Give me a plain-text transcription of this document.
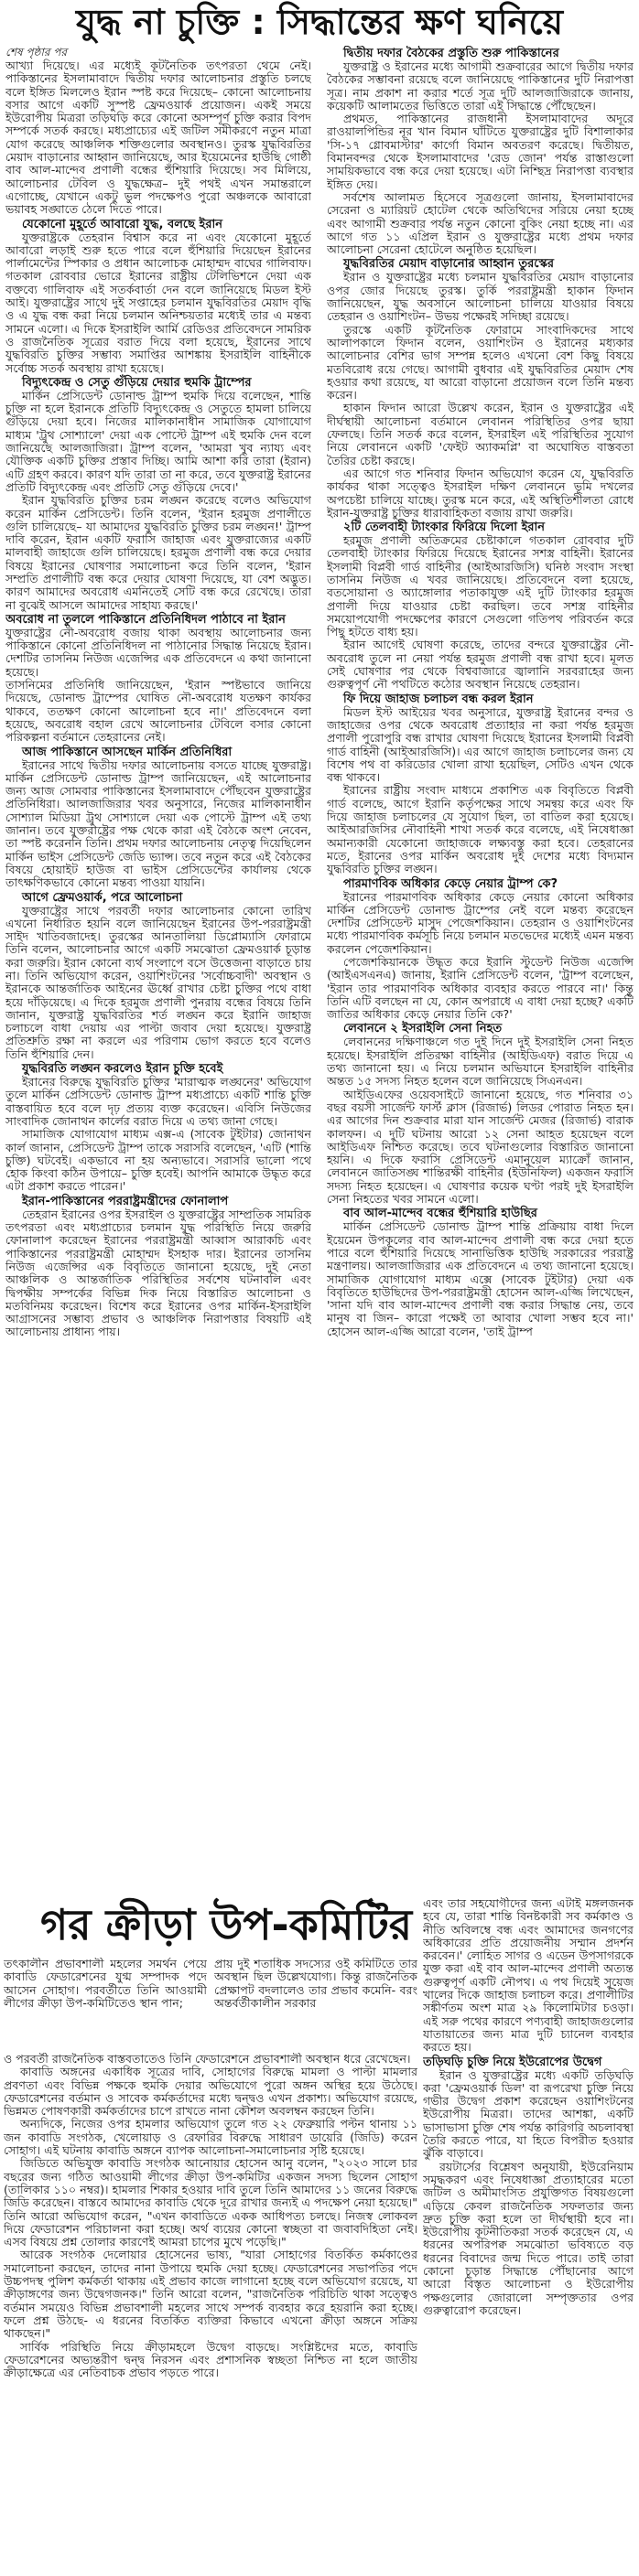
যুদ্ধ না চুক্তি : সিদ্ধান্তের ক্ষণ ঘনিয়ে

শেষ পৃষ্ঠার পর

আখ্যা দিয়েছে। এর মধ্যেই কূটনৈতিক তৎপরতা থেমে নেই। পাকিস্তানের ইসলামাবাদে দ্বিতীয় দফার আলোচনার প্রস্তুতি চলছে বলে ইঙ্গিত মিললেও ইরান স্পষ্ট করে দিয়েছে– কোনো আলোচনায় বসার আগে একটি সুস্পষ্ট ফ্রেমওয়ার্ক প্রয়োজন। একই সময়ে ইউরোপীয় মিত্ররা তড়িঘড়ি করে কোনো অসম্পূর্ণ চুক্তি করার বিপদ সম্পর্কে সতর্ক করছে। মধ্যপ্রাচ্যের এই জটিল সমীকরণে নতুন মাত্রা যোগ করেছে আঞ্চলিক শক্তিগুলোর অবস্থানও। তুরস্ক যুদ্ধবিরতির মেয়াদ বাড়ানোর আহ্বান জানিয়েছে, আর ইয়েমেনের হাউছি গোষ্ঠী বাব আল-মান্দেব প্রণালী বন্ধের হুঁশিয়ারি দিয়েছে। সব মিলিয়ে, আলোচনার টেবিল ও যুদ্ধক্ষেত্র– দুই পথই এখন সমান্তরালে এগোচ্ছে, যেখানে একটু ভুল পদক্ষেপও পুরো অঞ্চলকে আবারো ভয়াবহ সঙ্ঘাতে ঠেলে দিতে পারে।

যেকোনো মুহূর্তে আবারো যুদ্ধ, বলছে ইরান

যুক্তরাষ্ট্রকে তেহরান বিশ্বাস করে না এবং যেকোনো মুহূর্তে আবারো লড়াই শুরু হতে পারে বলে হুঁশিয়ারি দিয়েছেন ইরানের পার্লামেন্টের স্পিকার ও প্রধান আলোচক মোহাম্মদ বাঘের গালিবাফ। গতকাল রোববার ভোরে ইরানের রাষ্ট্রীয় টেলিভিশনে দেয়া এক বক্তব্যে গালিবাফ এই সতর্কবার্তা দেন বলে জানিয়েছে মিডল ইস্ট আই। যুক্তরাষ্ট্রের সাথে দুই সপ্তাহের চলমান যুদ্ধবিরতির মেয়াদ বৃদ্ধি ও এ যুদ্ধ বন্ধ করা নিয়ে চলমান অনিশ্চয়তার মধ্যেই তার এ মন্তব্য সামনে এলো। এ দিকে ইসরাইলি আর্মি রেডিওর প্রতিবেদনে সামরিক ও রাজনৈতিক সূত্রের বরাত দিয়ে বলা হয়েছে, ইরানের সাথে যুদ্ধবিরতি চুক্তির সম্ভাব্য সমাপ্তির আশঙ্কায় ইসরাইলি বাহিনীকে সর্বোচ্চ সতর্ক অবস্থায় রাখা হয়েছে।

বিদ্যুৎকেন্দ্র ও সেতু গুঁড়িয়ে দেয়ার হুমকি ট্রাম্পের

মার্কিন প্রেসিডেন্ট ডোনাল্ড ট্রাম্প হুমকি দিয়ে বলেছেন, শান্তি চুক্তি না হলে ইরানকে প্রতিটি বিদ্যুৎকেন্দ্র ও সেতুতে হামলা চালিয়ে গুঁড়িয়ে দেয়া হবে। নিজের মালিকানাধীন সামাজিক যোগাযোগ মাধ্যম 'ট্রুথ সোশ্যালে' দেয়া এক পোস্টে ট্রাম্প এই হুমকি দেন বলে জানিয়েছে আলজাজিরা। ট্রাম্প বলেন, 'আমরা খুব ন্যায্য এবং যৌক্তিক একটি চুক্তির প্রস্তাব দিচ্ছি। আমি আশা করি তারা (ইরান) এটি গ্রহণ করবে। কারণ যদি তারা তা না করে, তবে যুক্তরাষ্ট্র ইরানের প্রতিটি বিদ্যুৎকেন্দ্র এবং প্রতিটি সেতু গুঁড়িয়ে দেবে।'

ইরান যুদ্ধবিরতি চুক্তির চরম লঙ্ঘন করেছে বলেও অভিযোগ করেন মার্কিন প্রেসিডেন্ট। তিনি বলেন, 'ইরান হরমুজ প্রণালীতে গুলি চালিয়েছে– যা আমাদের যুদ্ধবিরতি চুক্তির চরম লঙ্ঘন!' ট্রাম্প দাবি করেন, ইরান একটি ফরাসি জাহাজ এবং যুক্তরাজ্যের একটি মালবাহী জাহাজে গুলি চালিয়েছে। হরমুজ প্রণালী বন্ধ করে দেয়ার বিষয়ে ইরানের ঘোষণার সমালোচনা করে তিনি বলেন, 'ইরান সম্প্রতি প্রণালীটি বন্ধ করে দেয়ার ঘোষণা দিয়েছে, যা বেশ অদ্ভুত। কারণ আমাদের অবরোধ এমনিতেই সেটি বন্ধ করে রেখেছে। তারা না বুঝেই আসলে আমাদের সাহায্য করছে।'

অবরোধ না তুললে পাকিস্তানে প্রতিনিধিদল পাঠাবে না ইরান

যুক্তরাষ্ট্রের নৌ-অবরোধ বজায় থাকা অবস্থায় আলোচনার জন্য পাকিস্তানে কোনো প্রতিনিধিদল না পাঠানোর সিদ্ধান্ত নিয়েছে ইরান। দেশটির তাসনিম নিউজ এজেন্সির এক প্রতিবেদনে এ কথা জানানো হয়েছে।

তাসনিমের প্রতিনিধি জানিয়েছেন, 'ইরান স্পষ্টভাবে জানিয়ে দিয়েছে, ডোনাল্ড ট্রাম্পের ঘোষিত নৌ-অবরোধ যতক্ষণ কার্যকর থাকবে, ততক্ষণ কোনো আলোচনা হবে না।' প্রতিবেদনে বলা হয়েছে, অবরোধ বহাল রেখে আলোচনার টেবিলে বসার কোনো পরিকল্পনা বর্তমানে তেহরানের নেই।

আজ পাকিস্তানে আসছেন মার্কিন প্রতিনিধিরা

ইরানের সাথে দ্বিতীয় দফার আলোচনায় বসতে যাচ্ছে যুক্তরাষ্ট্র। মার্কিন প্রেসিডেন্ট ডোনাল্ড ট্রাম্প জানিয়েছেন, এই আলোচনার জন্য আজ সোমবার পাকিস্তানের ইসলামাবাদে পৌঁছবেন যুক্তরাষ্ট্রের প্রতিনিধিরা। আলজাজিরার খবর অনুসারে, নিজের মালিকানাধীন সোশ্যাল মিডিয়া ট্রুথ সোশ্যালে দেয়া এক পোস্টে ট্রাম্প এই তথ্য জানান। তবে যুক্তরাষ্ট্রের পক্ষ থেকে কারা এই বৈঠকে অংশ নেবেন, তা স্পষ্ট করেননি তিনি। প্রথম দফার আলোচনায় নেতৃত্ব দিয়েছিলেন মার্কিন ভাইস প্রেসিডেন্ট জেডি ভ্যান্স। তবে নতুন করে এই বৈঠকের বিষয়ে হোয়াইট হাউজ বা ভাইস প্রেসিডেন্টের কার্যালয় থেকে তাৎক্ষণিকভাবে কোনো মন্তব্য পাওয়া যায়নি।

আগে ফ্রেমওয়ার্ক, পরে আলোচনা

যুক্তরাষ্ট্রের সাথে পরবর্তী দফার আলোচনার কোনো তারিখ এখনো নির্ধারিত হয়নি বলে জানিয়েছেন ইরানের উপ-পররাষ্ট্রমন্ত্রী সাইদ খাতিবজাদেহ। তুরস্কের আনতালিয়া ডিপ্লোম্যাসি ফোরামে তিনি বলেন, আলোচনার আগে একটি সমঝোতা ফ্রেমওয়ার্ক চূড়ান্ত করা জরুরি। ইরান কোনো ব্যর্থ সংলাপে বসে উত্তেজনা বাড়াতে চায় না। তিনি অভিযোগ করেন, ওয়াশিংটনের 'সর্বোচ্চবাদী' অবস্থান ও ইরানকে আন্তর্জাতিক আইনের ঊর্ধ্বে রাখার চেষ্টা চুক্তির পথে বাধা হয়ে দাঁড়িয়েছে। এ দিকে হরমুজ প্রণালী পুনরায় বন্ধের বিষয়ে তিনি জানান, যুক্তরাষ্ট্র যুদ্ধবিরতির শর্ত লঙ্ঘন করে ইরানি জাহাজ চলাচলে বাধা দেয়ায় এর পাল্টা জবাব দেয়া হয়েছে। যুক্তরাষ্ট্র প্রতিশ্রুতি রক্ষা না করলে এর পরিণাম ভোগ করতে হবে বলেও তিনি হুঁশিয়ারি দেন।

যুদ্ধবিরতি লঙ্ঘন করলেও ইরান চুক্তি হবেই

ইরানের বিরুদ্ধে যুদ্ধবিরতি চুক্তির 'মারাত্মক লঙ্ঘনের' অভিযোগ তুলে মার্কিন প্রেসিডেন্ট ডোনাল্ড ট্রাম্প মধ্যপ্রাচ্যে একটি শান্তি চুক্তি বাস্তবায়িত হবে বলে দৃঢ় প্রত্যয় ব্যক্ত করেছেন। এবিসি নিউজের সাংবাদিক জোনাথন কার্লের বরাত দিয়ে এ তথ্য জানা গেছে।

সামাজিক যোগাযোগ মাধ্যম এক্স-এ (সাবেক টুইটার) জোনাথন কার্ল জানান, প্রেসিডেন্ট ট্রাম্প তাকে সরাসরি বলেছেন, 'এটি (শান্তি চুক্তি) ঘটবেই। একভাবে না হয় অন্যভাবে। সরাসরি ভালো পথে হোক কিংবা কঠিন উপায়ে– চুক্তি হবেই। আপনি আমাকে উদ্ধৃত করে এটা প্রকাশ করতে পারেন।'

ইরান-পাকিস্তানের পররাষ্ট্রমন্ত্রীদের ফোনালাপ

তেহরান ইরানের ওপর ইসরাইল ও যুক্তরাষ্ট্রের সাম্প্রতিক সামরিক তৎপরতা এবং মধ্যপ্রাচ্যের চলমান যুদ্ধ পরিস্থিতি নিয়ে জরুরি ফোনালাপ করেছেন ইরানের পররাষ্ট্রমন্ত্রী আব্বাস আরাকচি এবং পাকিস্তানের পররাষ্ট্রমন্ত্রী মোহাম্মদ ইসহাক দার। ইরানের তাসনিম নিউজ এজেন্সির এক বিবৃতিতে জানানো হয়েছে, দুই নেতা আঞ্চলিক ও আন্তর্জাতিক পরিস্থিতির সর্বশেষ ঘটনাবলি এবং দ্বিপক্ষীয় সম্পর্কের বিভিন্ন দিক নিয়ে বিস্তারিত আলোচনা ও মতবিনিময় করেছেন। বিশেষ করে ইরানের ওপর মার্কিন-ইসরাইলি আগ্রাসনের সম্ভাব্য প্রভাব ও আঞ্চলিক নিরাপত্তার বিষয়টি এই আলোচনায় প্রাধান্য পায়।

দ্বিতীয় দফার বৈঠকের প্রস্তুতি শুরু পাকিস্তানের

যুক্তরাষ্ট্র ও ইরানের মধ্যে আগামী শুক্রবারের আগে দ্বিতীয় দফার বৈঠকের সম্ভাবনা রয়েছে বলে জানিয়েছে পাকিস্তানের দুটি নিরাপত্তা সূত্র। নাম প্রকাশ না করার শর্তে সূত্র দুটি আলজাজিরাকে জানায়, কয়েকটি আলামতের ভিত্তিতে তারা এই সিদ্ধান্তে পৌঁছেছেন।

প্রথমত, পাকিস্তানের রাজধানী ইসলামাবাদের অদূরে রাওয়ালপিন্ডির নূর খান বিমান ঘাঁটিতে যুক্তরাষ্ট্রের দুটি বিশালাকার 'সি-১৭ গ্লোবমাস্টার' কার্গো বিমান অবতরণ করেছে। দ্বিতীয়ত, বিমানবন্দর থেকে ইসলামাবাদের 'রেড জোন' পর্যন্ত রাস্তাগুলো সাময়িকভাবে বন্ধ করে দেয়া হয়েছে। এটা নিশ্ছিদ্র নিরাপত্তা ব্যবস্থার ইঙ্গিত দেয়।

সর্বশেষ আলামত হিসেবে সূত্রগুলো জানায়, ইসলামাবাদের সেরেনা ও ম্যারিয়ট হোটেল থেকে অতিথিদের সরিয়ে নেয়া হচ্ছে এবং আগামী শুক্রবার পর্যন্ত নতুন কোনো বুকিং নেয়া হচ্ছে না। এর আগে গত ১১ এপ্রিল ইরান ও যুক্তরাষ্ট্রের মধ্যে প্রথম দফার আলোচনা সেরেনা হোটেলে অনুষ্ঠিত হয়েছিল।

যুদ্ধবিরতির মেয়াদ বাড়ানোর আহ্বান তুরস্কের

ইরান ও যুক্তরাষ্ট্রের মধ্যে চলমান যুদ্ধবিরতির মেয়াদ বাড়ানোর ওপর জোর দিয়েছে তুরস্ক। তুর্কি পররাষ্ট্রমন্ত্রী হাকান ফিদান জানিয়েছেন, যুদ্ধ অবসানে আলোচনা চালিয়ে যাওয়ার বিষয়ে তেহরান ও ওয়াশিংটন– উভয় পক্ষেরই সদিচ্ছা রয়েছে।

তুরস্কে একটি কূটনৈতিক ফোরামে সাংবাদিকদের সাথে আলাপকালে ফিদান বলেন, ওয়াশিংটন ও ইরানের মধ্যকার আলোচনার বেশির ভাগ সম্পন্ন হলেও এখনো বেশ কিছু বিষয়ে মতবিরোধ রয়ে গেছে। আগামী বুধবার এই যুদ্ধবিরতির মেয়াদ শেষ হওয়ার কথা রয়েছে, যা আরো বাড়ানো প্রয়োজন বলে তিনি মন্তব্য করেন।

হাকান ফিদান আরো উল্লেখ করেন, ইরান ও যুক্তরাষ্ট্রের এই দীর্ঘস্থায়ী আলোচনা বর্তমানে লেবানন পরিস্থিতির ওপর ছায়া ফেলছে। তিনি সতর্ক করে বলেন, ইসরাইল এই পরিস্থিতির সুযোগ নিয়ে লেবাননে একটি 'ফেইট অ্যাকমপ্লি' বা অঘোষিত বাস্তবতা তৈরির চেষ্টা করছে।

এর আগে গত শনিবার ফিদান অভিযোগ করেন যে, যুদ্ধবিরতি কার্যকর থাকা সত্ত্বেও ইসরাইল দক্ষিণ লেবাননে ভূমি দখলের অপচেষ্টা চালিয়ে যাচ্ছে। তুরস্ক মনে করে, এই অস্থিতিশীলতা রোধে ইরান-যুক্তরাষ্ট্র চুক্তির ধারাবাহিকতা বজায় রাখা জরুরি।

২টি তেলবাহী ট্যাংকার ফিরিয়ে দিলো ইরান

হরমুজ প্রণালী অতিক্রমের চেষ্টাকালে গতকাল রোববার দুটি তেলবাহী ট্যাংকার ফিরিয়ে দিয়েছে ইরানের সশস্ত্র বাহিনী। ইরানের ইসলামী বিপ্লবী গার্ড বাহিনীর (আইআরজিসি) ঘনিষ্ঠ সংবাদ সংস্থা তাসনিম নিউজ এ খবর জানিয়েছে। প্রতিবেদনে বলা হয়েছে, বতসোয়ানা ও অ্যাঙ্গোলার পতাকাযুক্ত এই দুটি ট্যাংকার হরমুজ প্রণালী দিয়ে যাওয়ার চেষ্টা করছিল। তবে সশস্ত্র বাহিনীর সময়োপযোগী পদক্ষেপের কারণে সেগুলো গতিপথ পরিবর্তন করে পিছু হটতে বাধ্য হয়।

ইরান আগেই ঘোষণা করেছে, তাদের বন্দরে যুক্তরাষ্ট্রের নৌ-অবরোধ তুলে না নেয়া পর্যন্ত হরমুজ প্রণালী বন্ধ রাখা হবে। মূলত সেই ঘোষণার পর থেকে বিশ্ববাজারে জ্বালানি সরবরাহের জন্য গুরুত্বপূর্ণ নৌ পথটিতে কঠোর অবস্থান নিয়েছে তেহরান।

ফি দিয়ে জাহাজ চলাচল বন্ধ করল ইরান

মিডল ইস্ট আইয়ের খবর অনুসারে, যুক্তরাষ্ট্র ইরানের বন্দর ও জাহাজের ওপর থেকে অবরোধ প্রত্যাহার না করা পর্যন্ত হরমুজ প্রণালী পুরোপুরি বন্ধ রাখার ঘোষণা দিয়েছে ইরানের ইসলামী বিপ্লবী গার্ড বাহিনী (আইআরজিসি)। এর আগে জাহাজ চলাচলের জন্য যে বিশেষ পথ বা করিডোর খোলা রাখা হয়েছিল, সেটিও এখন থেকে বন্ধ থাকবে।

ইরানের রাষ্ট্রীয় সংবাদ মাধ্যমে প্রকাশিত এক বিবৃতিতে বিপ্লবী গার্ড বলেছে, আগে ইরানি কর্তৃপক্ষের সাথে সমন্বয় করে এবং ফি দিয়ে জাহাজ চলাচলের যে সুযোগ ছিল, তা বাতিল করা হয়েছে। আইআরজিসির নৌবাহিনী শাখা সতর্ক করে বলেছে, এই নিষেধাজ্ঞা অমান্যকারী যেকোনো জাহাজকে লক্ষ্যবস্তু করা হবে। তেহরানের মতে, ইরানের ওপর মার্কিন অবরোধ দুই দেশের মধ্যে বিদ্যমান যুদ্ধবিরতি চুক্তির লঙ্ঘন।

পারমাণবিক অধিকার কেড়ে নেয়ার ট্রাম্প কে?

ইরানের পারমাণবিক অধিকার কেড়ে নেয়ার কোনো অধিকার মার্কিন প্রেসিডেন্ট ডোনাল্ড ট্রাম্পের নেই বলে মন্তব্য করেছেন দেশটির প্রেসিডেন্ট মাসুদ পেজেশকিয়ান। তেহরান ও ওয়াশিংটনের মধ্যে পারমাণবিক কর্মসূচি নিয়ে চলমান মতভেদের মধ্যেই এমন মন্তব্য করলেন পেজেশকিয়ান।

পেজেশকিয়ানকে উদ্ধৃত করে ইরানি স্টুডেন্ট নিউজ এজেন্সি (আইএসএনএ) জানায়, ইরানি প্রেসিডেন্ট বলেন, 'ট্রাম্প বলেছেন, 'ইরান তার পারমাণবিক অধিকার ব্যবহার করতে পারবে না।' কিন্তু তিনি এটি বলছেন না যে, কোন অপরাধে এ বাধা দেয়া হচ্ছে? একটি জাতির অধিকার কেড়ে নেয়ার তিনি কে?'

লেবাননে ২ ইসরাইলি সেনা নিহত

লেবাননের দক্ষিণাঞ্চলে গত দুই দিনে দুই ইসরাইলি সেনা নিহত হয়েছে। ইসরাইলি প্রতিরক্ষা বাহিনীর (আইডিএফ) বরাত দিয়ে এ তথ্য জানানো হয়। এ নিয়ে চলমান অভিযানে ইসরাইলি বাহিনীর অন্তত ১৫ সদস্য নিহত হলেন বলে জানিয়েছে সিএনএন।

আইডিএফের ওয়েবসাইটে জানানো হয়েছে, গত শনিবার ৩১ বছর বয়সী সার্জেন্ট ফার্স্ট ক্লাস (রিজার্ভ) লিডর পোরাত নিহত হন। এর আগের দিন শুক্রবার মারা যান সার্জেন্ট মেজর (রিজার্ভ) বারাক কালফন। এ দুটি ঘটনায় আরো ১২ সেনা আহত হয়েছেন বলে আইডিএফ নিশ্চিত করেছে। তবে ঘটনাগুলোর বিস্তারিত জানানো হয়নি। এ দিকে ফরাসি প্রেসিডেন্ট এমানুয়েল ম্যাক্রোঁ জানান, লেবাননে জাতিসঙ্ঘ শান্তিরক্ষী বাহিনীর (ইউনিফিল) একজন ফরাসি সদস্য নিহত হয়েছেন। এ ঘোষণার কয়েক ঘণ্টা পরই দুই ইসরাইলি সেনা নিহতের খবর সামনে এলো।

বাব আল-মান্দেব বন্ধের হুঁশিয়ারি হাউছির

মার্কিন প্রেসিডেন্ট ডোনাল্ড ট্রাম্প শান্তি প্রক্রিয়ায় বাধা দিলে ইয়েমেন উপকূলের বাব আল-মান্দেব প্রণালী বন্ধ করে দেয়া হতে পারে বলে হুঁশিয়ারি দিয়েছে সানাভিত্তিক হাউছি সরকারের পররাষ্ট্র মন্ত্রণালয়। আলজাজিরার এক প্রতিবেদনে এ তথ্য জানানো হয়েছে। সামাজিক যোগাযোগ মাধ্যম এক্সে (সাবেক টুইটার) দেয়া এক বিবৃতিতে হাউছিদের উপ-পররাষ্ট্রমন্ত্রী হোসেন আল-এজ্জি লিখেছেন, 'সানা যদি বাব আল-মান্দেব প্রণালী বন্ধ করার সিদ্ধান্ত নেয়, তবে মানুষ বা জিন– কারো পক্ষেই তা আবার খোলা সম্ভব হবে না।' হোসেন আল-এজ্জি আরো বলেন, 'তাই ট্রাম্প

এবং তার সহযোগীদের জন্য এটাই মঙ্গলজনক হবে যে, তারা শান্তি বিনষ্টকারী সব কর্মকাণ্ড ও নীতি অবিলম্বে বন্ধ এবং আমাদের জনগণের অধিকারের প্রতি প্রয়োজনীয় সম্মান প্রদর্শন করবেন।' লোহিত সাগর ও এডেন উপসাগরকে যুক্ত করা এই বাব আল-মান্দেব প্রণালী অত্যন্ত গুরুত্বপূর্ণ একটি নৌপথ। এ পথ দিয়েই সুয়েজ খালের দিকে জাহাজ চলাচল করে। প্রণালীটির সঙ্কীর্ণতম অংশ মাত্র ২৯ কিলোমিটার চওড়া। এই সরু পথের কারণে পণ্যবাহী জাহাজগুলোর যাতায়াতের জন্য মাত্র দুটি চ্যানেল ব্যবহার করতে হয়।

তড়িঘড়ি চুক্তি নিয়ে ইউরোপের উদ্বেগ

ইরান ও যুক্তরাষ্ট্রের মধ্যে একটি তড়িঘড়ি করা 'ফ্রেমওয়ার্ক ডিল' বা রূপরেখা চুক্তি নিয়ে গভীর উদ্বেগ প্রকাশ করেছেন ওয়াশিংটনের ইউরোপীয় মিত্ররা। তাদের আশঙ্কা, একটি ভাসাভাসা চুক্তি শেষ পর্যন্ত কারিগরি অচলাবস্থা তৈরি করতে পারে, যা হিতে বিপরীত হওয়ার ঝুঁকি বাড়াবে।

রয়টার্সের বিশ্লেষণ অনুযায়ী, ইউরেনিয়াম সমৃদ্ধকরণ এবং নিষেধাজ্ঞা প্রত্যাহারের মতো জটিল ও অমীমাংসিত প্রযুক্তিগত বিষয়গুলো এড়িয়ে কেবল রাজনৈতিক সফলতার জন্য দ্রুত চুক্তি করা হলে তা দীর্ঘস্থায়ী হবে না। ইউরোপীয় কূটনীতিকরা সতর্ক করেছেন যে, এ ধরনের অপরিপক্ব সমঝোতা ভবিষ্যতে বড় ধরনের বিবাদের জন্ম দিতে পারে। তাই তারা কোনো চূড়ান্ত সিদ্ধান্তে পৌঁছানোর আগে আরো বিস্তৃত আলোচনা ও ইউরোপীয় পক্ষগুলোর জোরালো সম্পৃক্ততার ওপর গুরুত্বারোপ করেছেন।

গর ক্রীড়া উপ-কমিটির

তৎকালীন প্রভাবশালী মহলের সমর্থন পেয়ে কাবাডি ফেডারেশনের যুগ্ম সম্পাদক পদে আসেন সোহাগ। পরবর্তীতে তিনি আওয়ামী লীগের ক্রীড়া উপ-কমিটিতেও স্থান পান;

প্রায় দুই শতাধিক সদস্যের ওই কমিটিতে তার অবস্থান ছিল উল্লেখযোগ্য। কিন্তু রাজনৈতিক প্রেক্ষাপট বদলালেও তার প্রভাব কমেনি- বরং অন্তর্বর্তীকালীন সরকার

ও পরবর্তী রাজনৈতিক বাস্তবতাতেও তিনি ফেডারেশনে প্রভাবশালী অবস্থান ধরে রেখেছেন।

কাবাডি অঙ্গনের একাধিক সূত্রের দাবি, সোহাগের বিরুদ্ধে মামলা ও পাল্টা মামলার প্রবণতা এবং বিভিন্ন পক্ষকে হুমকি দেয়ার অভিযোগে পুরো অঙ্গন অস্থির হয়ে উঠেছে। ফেডারেশনের বর্তমান ও সাবেক কর্মকর্তাদের মধ্যে দ্বন্দ্বও এখন প্রকাশ্য। অভিযোগ রয়েছে, ভিন্নমত পোষণকারী কর্মকর্তাদের চাপে রাখতে নানা কৌশল অবলম্বন করছেন তিনি।

অন্যদিকে, নিজের ওপর হামলার অভিযোগ তুলে গত ২২ ফেব্রুয়ারি পল্টন থানায় ১১ জন কাবাডি সংগঠক, খেলোয়াড় ও রেফারির বিরুদ্ধে সাধারণ ডায়েরি (জিডি) করেন সোহাগ। এই ঘটনায় কাবাডি অঙ্গনে ব্যাপক আলোচনা-সমালোচনার সৃষ্টি হয়েছে।

জিডিতে অভিযুক্ত কাবাডি সংগঠক আনোয়ার হোসেন আনু বলেন, "২০২৩ সালে চার বছরের জন্য গঠিত আওয়ামী লীগের ক্রীড়া উপ-কমিটির একজন সদস্য ছিলেন সোহাগ (তালিকার ১১০ নম্বর)। হামলার শিকার হওয়ার দাবি তুলে তিনি আমাদের ১১ জনের বিরুদ্ধে জিডি করেছেন। বাস্তবে আমাদের কাবাডি থেকে দূরে রাখার জন্যই এ পদক্ষেপ নেয়া হয়েছে।" তিনি আরো অভিযোগ করেন, "এখন কাবাডিতে একক আধিপত্য চলছে। নিজস্ব লোকবল দিয়ে ফেডারেশন পরিচালনা করা হচ্ছে। অর্থ ব্যয়ের কোনো স্বচ্ছতা বা জবাবদিহিতা নেই। এসব বিষয়ে প্রশ্ন তোলার কারণেই আমরা চাপের মুখে পড়েছি।"

আরেক সংগঠক দেলোয়ার হোসেনের ভাষ্য, "যারা সোহাগের বিতর্কিত কর্মকাণ্ডের সমালোচনা করছেন, তাদের নানা উপায়ে হুমকি দেয়া হচ্ছে। ফেডারেশনের সভাপতির পদে উচ্চপদস্থ পুলিশ কর্মকর্তা থাকায় এই প্রভাব কাজে লাগানো হচ্ছে বলে অভিযোগ রয়েছে, যা ক্রীড়াঙ্গণের জন্য উদ্বেগজনক।" তিনি আরো বলেন, "রাজনৈতিক পরিচিতি থাকা সত্ত্বেও বর্তমান সময়েও বিভিন্ন প্রভাবশালী মহলের সাথে সম্পর্ক ব্যবহার করে হয়রানি করা হচ্ছে। ফলে প্রশ্ন উঠছে- এ ধরনের বিতর্কিত ব্যক্তিরা কিভাবে এখনো ক্রীড়া অঙ্গনে সক্রিয় থাকছেন।"

সার্বিক পরিস্থিতি নিয়ে ক্রীড়ামহলে উদ্বেগ বাড়ছে। সংশ্লিষ্টদের মতে, কাবাডি ফেডারেশনের অভ্যন্তরীণ দ্বন্দ্ব নিরসন এবং প্রশাসনিক স্বচ্ছতা নিশ্চিত না হলে জাতীয় ক্রীড়াক্ষেত্রে এর নেতিবাচক প্রভাব পড়তে পারে।
